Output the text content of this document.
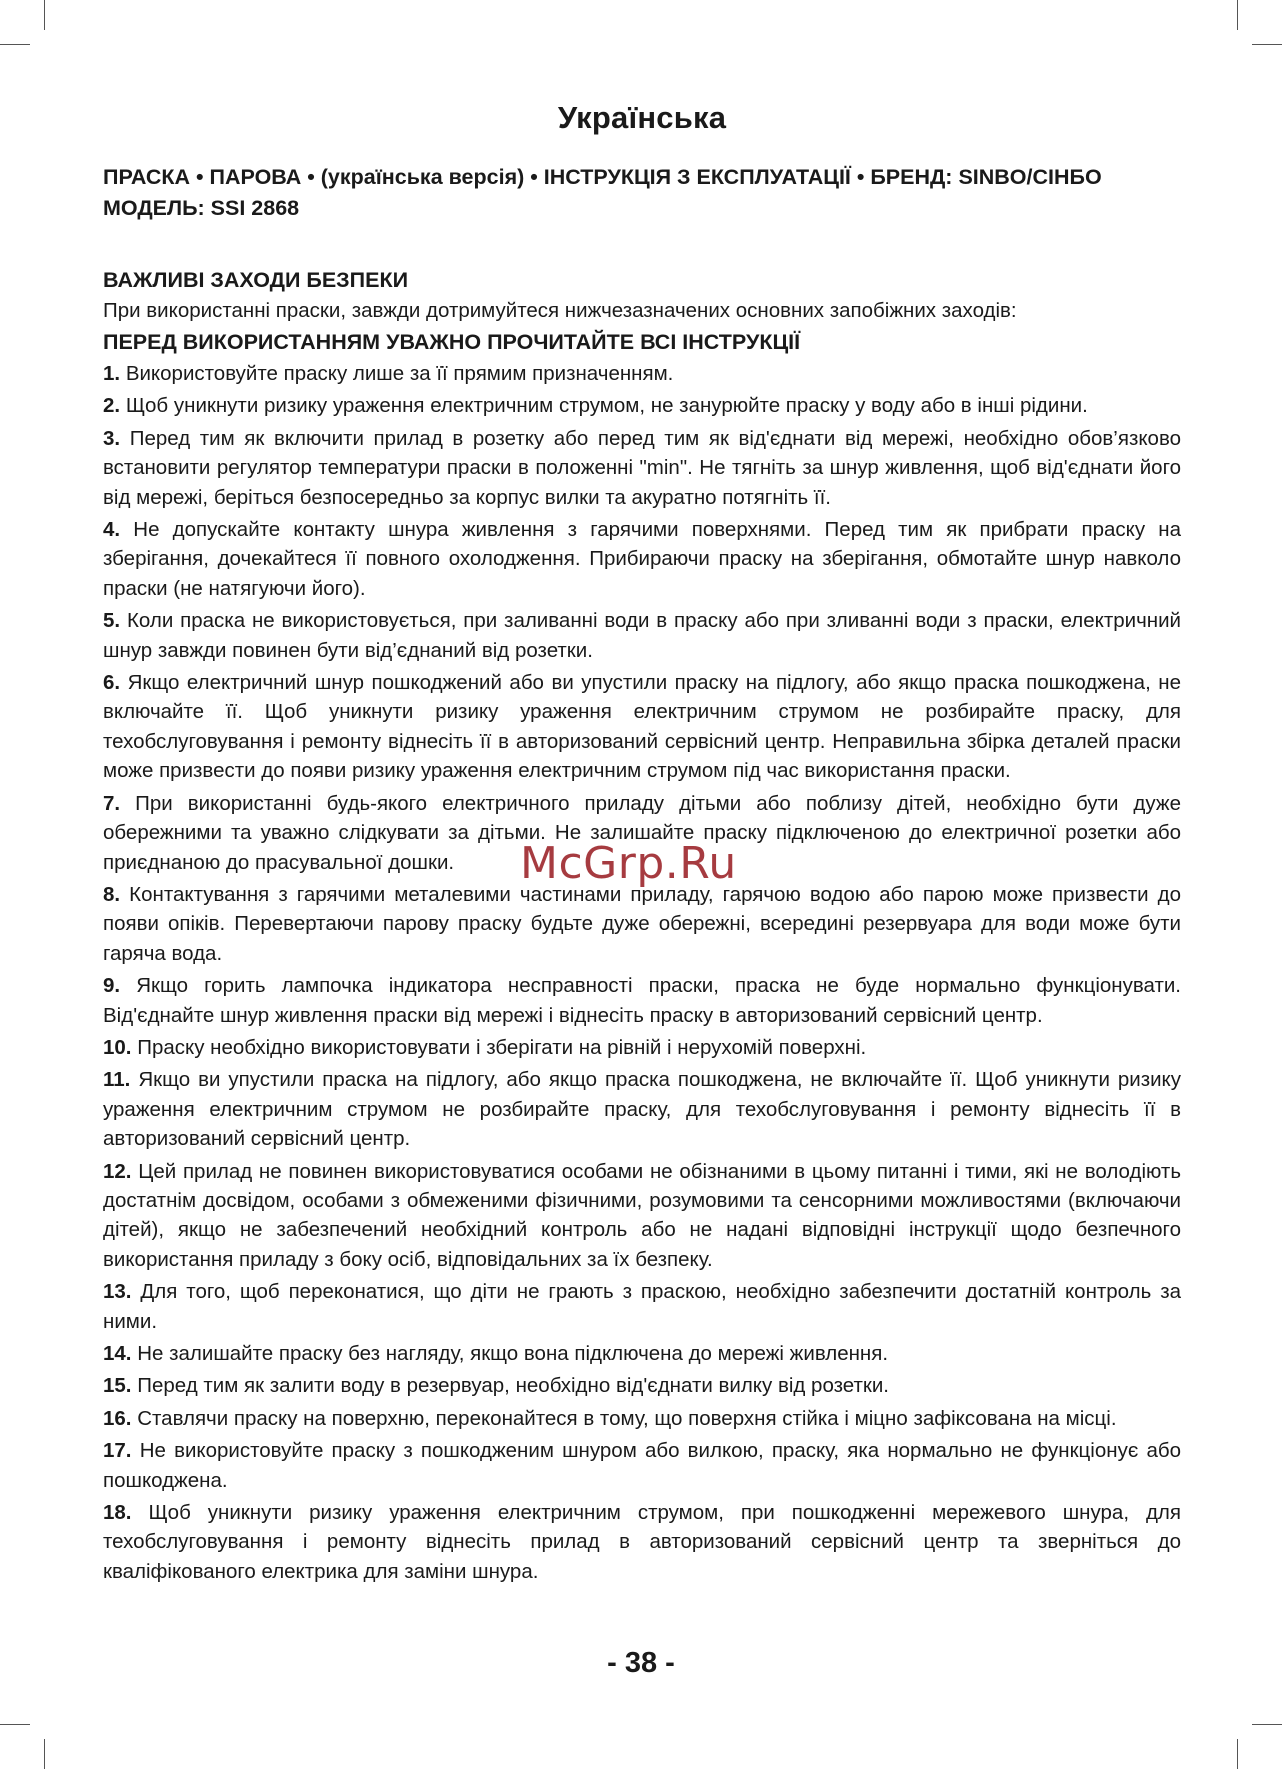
Українська

ПРАСКА • ПАРОВА • (українська версія) • ІНСТРУКЦІЯ З ЕКСПЛУАТАЦІЇ • БРЕНД: SINBO/CІНБО

МОДЕЛЬ: SSI 2868

ВАЖЛИВІ ЗАХОДИ БЕЗПЕКИ

При використанні праски, завжди дотримуйтеся нижчезазначених основних запобіжних заходів:

ПЕРЕД ВИКОРИСТАННЯМ УВАЖНО ПРОЧИТАЙТЕ ВСІ ІНСТРУКЦІЇ

1. Використовуйте праску лише за її прямим призначенням.
2. Щоб уникнути ризику ураження електричним струмом, не занурюйте праску у воду або в інші рідини.
3. Перед тим як включити прилад в розетку або перед тим як від'єднати від мережі, необхідно обов’язково встановити регулятор температури праски в положенні "min". Не тягніть за шнур живлення, щоб від'єднати його від мережі, беріться безпосередньо за корпус вилки та акуратно потягніть її.
4. Не допускайте контакту шнура живлення з гарячими поверхнями. Перед тим як прибрати праску на зберігання, дочекайтеся її повного охолодження. Прибираючи праску на зберігання, обмотайте шнур навколо праски (не натягуючи його).
5. Коли праска не використовується, при заливанні води в праску або при зливанні води з праски, електричний шнур завжди повинен бути від’єднаний від розетки.
6. Якщо електричний шнур пошкоджений або ви упустили праску на підлогу, або якщо праска пошкоджена, не включайте її. Щоб уникнути ризику ураження електричним струмом не розбирайте праску, для техобслуговування і ремонту віднесіть її в авторизований сервісний центр. Неправильна збірка деталей праски може призвести до появи ризику ураження електричним струмом під час використання праски.
7. При використанні будь-якого електричного приладу дітьми або поблизу дітей, необхідно бути дуже обережними та уважно слідкувати за дітьми. Не залишайте праску підключеною до електричної розетки або приєднаною до прасувальної дошки.
8. Контактування з гарячими металевими частинами приладу, гарячою водою або парою може призвести до появи опіків. Перевертаючи парову праску будьте дуже обережні, всередині резервуара для води може бути гаряча вода.
9. Якщо горить лампочка індикатора несправності праски, праска не буде нормально функціонувати. Від'єднайте шнур живлення праски від мережі і віднесіть праску в авторизований сервісний центр.
10. Праску необхідно використовувати і зберігати на рівній і нерухомій поверхні.
11. Якщо ви упустили праска на підлогу, або якщо праска пошкоджена, не включайте її. Щоб уникнути ризику ураження електричним струмом не розбирайте праску, для техобслуговування і ремонту віднесіть її в авторизований сервісний центр.
12. Цей прилад не повинен використовуватися особами не обізнаними в цьому питанні і тими, які не володіють достатнім досвідом, особами з обмеженими фізичними, розумовими та сенсорними можливостями (включаючи дітей), якщо не забезпечений необхідний контроль або не надані відповідні інструкції щодо безпечного використання приладу з боку осіб, відповідальних за їх безпеку.
13. Для того, щоб переконатися, що діти не грають з праскою, необхідно забезпечити достатній контроль за ними.
14. Не залишайте праску без нагляду, якщо вона підключена до мережі живлення.
15. Перед тим як залити воду в резервуар, необхідно від'єднати вилку від розетки.
16. Ставлячи праску на поверхню, переконайтеся в тому, що поверхня стійка і міцно зафіксована на місці.
17. Не використовуйте праску з пошкодженим шнуром або вилкою, праску, яка нормально не функціонує або пошкоджена.
18. Щоб уникнути ризику ураження електричним струмом, при пошкодженні мережевого шнура, для техобслуговування і ремонту віднесіть прилад в авторизований сервісний центр та зверніться до кваліфікованого електрика для заміни шнура.
McGrp.Ru
- 38 -
